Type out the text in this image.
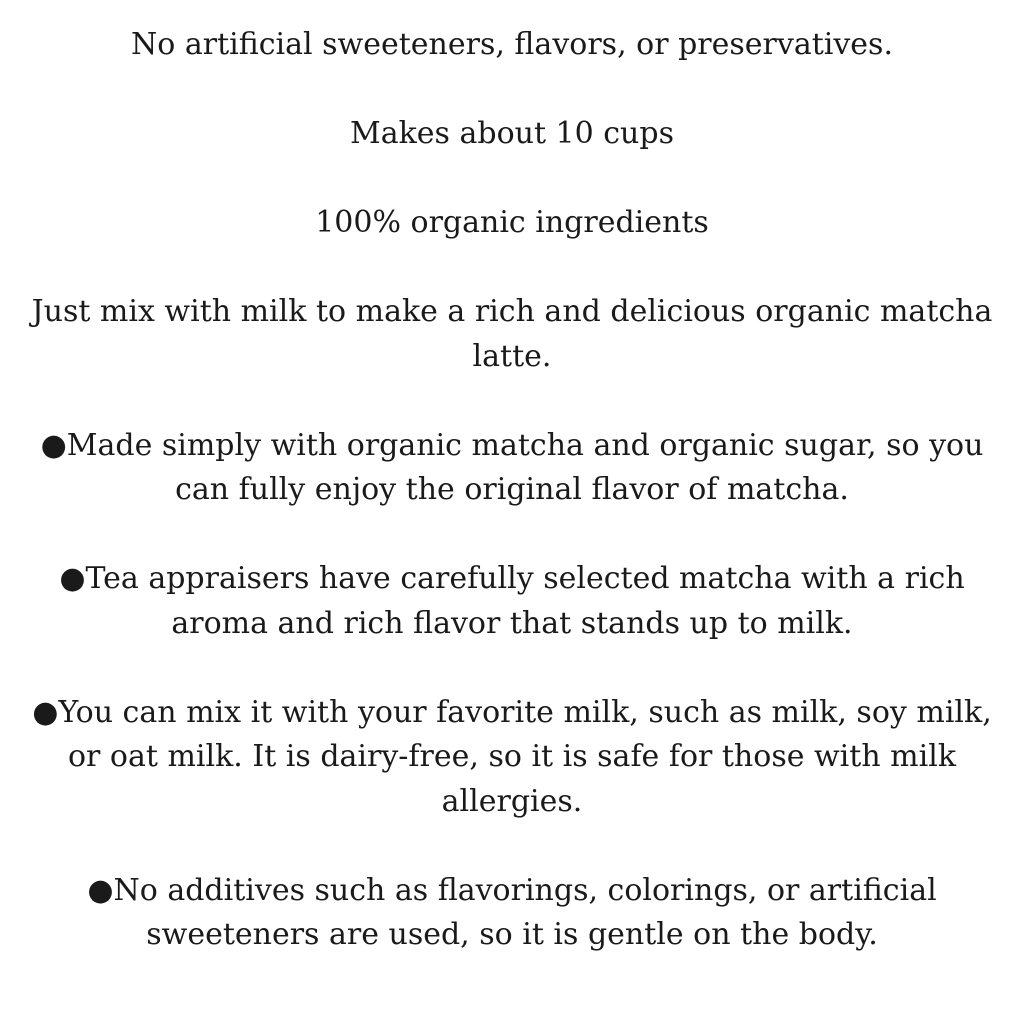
No artificial sweeteners, flavors, or preservatives.
Makes about 10 cups
100% organic ingredients
Just mix with milk to make a rich and delicious organic matcha latte.
●Made simply with organic matcha and organic sugar, so you can fully enjoy the original flavor of matcha.
●Tea appraisers have carefully selected matcha with a rich aroma and rich flavor that stands up to milk.
●You can mix it with your favorite milk, such as milk, soy milk, or oat milk. It is dairy-free, so it is safe for those with milk allergies.
●No additives such as flavorings, colorings, or artificial sweeteners are used, so it is gentle on the body.
